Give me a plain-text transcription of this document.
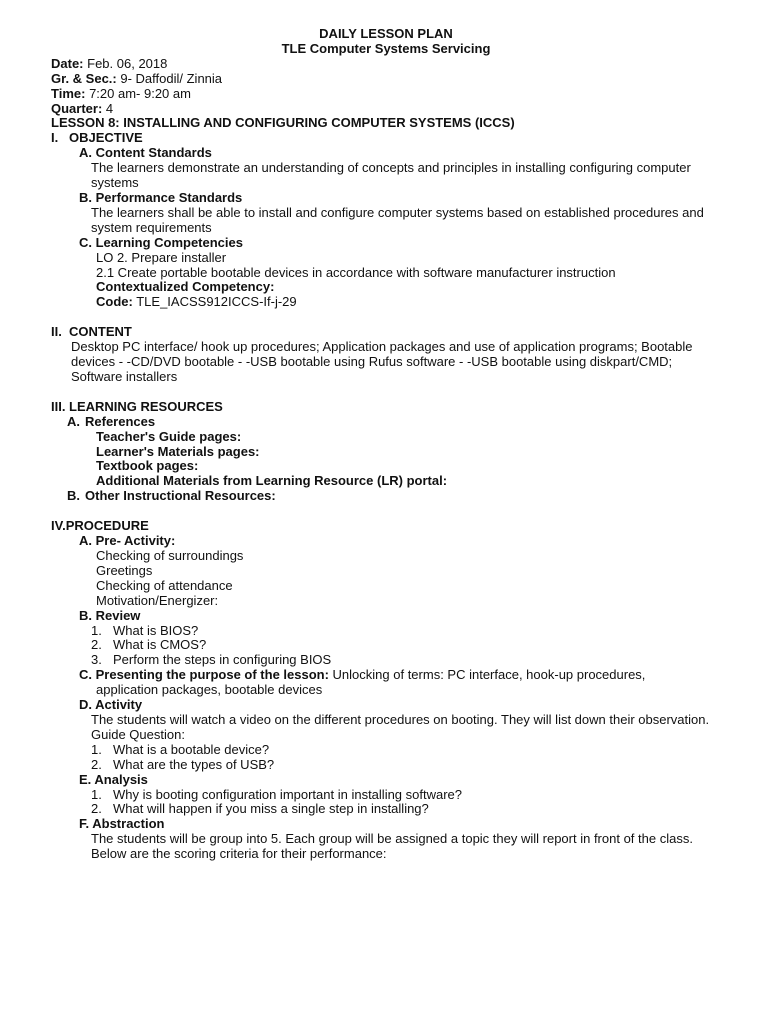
DAILY LESSON PLAN
TLE Computer Systems Servicing
Date: Feb. 06, 2018
Gr. & Sec.: 9- Daffodil/ Zinnia
Time: 7:20 am- 9:20 am
Quarter: 4
LESSON 8: INSTALLING AND CONFIGURING COMPUTER SYSTEMS (ICCS)
I. OBJECTIVE
A. Content Standards
The learners demonstrate an understanding of concepts and principles in installing configuring computer systems
B. Performance Standards
The learners shall be able to install and configure computer systems based on established procedures and system requirements
C. Learning Competencies
LO 2. Prepare installer
2.1 Create portable bootable devices in accordance with software manufacturer instruction
Contextualized Competency:
Code: TLE_IACSS912ICCS-If-j-29
II. CONTENT
Desktop PC interface/ hook up procedures; Application packages and use of application programs; Bootable devices - -CD/DVD bootable - -USB bootable using Rufus software - -USB bootable using diskpart/CMD; Software installers
III. LEARNING RESOURCES
A. References
Teacher's Guide pages:
Learner's Materials pages:
Textbook pages:
Additional Materials from Learning Resource (LR) portal:
B. Other Instructional Resources:
IV.PROCEDURE
A. Pre- Activity:
Checking of surroundings
Greetings
Checking of attendance
Motivation/Energizer:
B. Review
1. What is BIOS?
2. What is CMOS?
3. Perform the steps in configuring BIOS
C. Presenting the purpose of the lesson: Unlocking of terms: PC interface, hook-up procedures,
application packages, bootable devices
D. Activity
The students will watch a video on the different procedures on booting. They will list down their observation.
Guide Question:
1. What is a bootable device?
2. What are the types of USB?
E. Analysis
1. Why is booting configuration important in installing software?
2. What will happen if you miss a single step in installing?
F. Abstraction
The students will be group into 5. Each group will be assigned a topic they will report in front of the class. Below are the scoring criteria for their performance:
